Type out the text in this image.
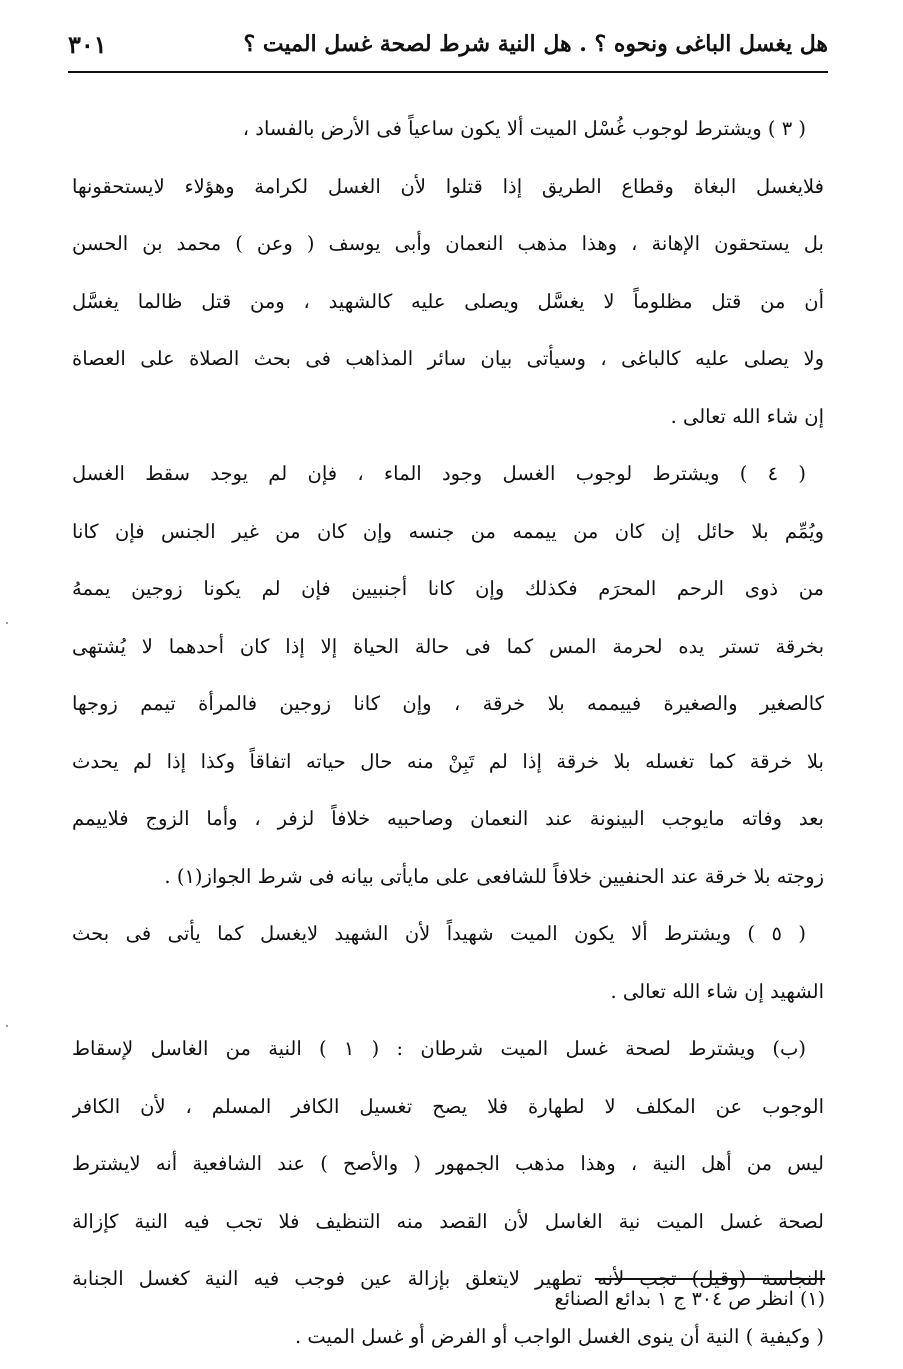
هل يغسل الباغى ونحوه ؟ . هل النية شرط لصحة غسل الميت ؟
٣٠١
( ٣ ) ويشترط لوجوب غُسْل الميت ألا يكون ساعياً فى الأرض بالفساد ،
فلايغسل البغاة وقطاع الطريق إذا قتلوا لأن الغسل لكرامة وهؤلاء لايستحقونها
بل يستحقون الإهانة ، وهذا مذهب النعمان وأبى يوسف ( وعن ) محمد بن الحسن
أن من قتل مظلوماً لا يغسَّل ويصلى عليه كالشهيد ، ومن قتل ظالما يغسَّل
ولا يصلى عليه كالباغى ، وسيأتى بيان سائر المذاهب فى بحث الصلاة على العصاة
إن شاء الله تعالى .
( ٤ ) ويشترط لوجوب الغسل وجود الماء ، فإن لم يوجد سقط الغسل
ويُمِّم بلا حائل إن كان من ييممه من جنسه وإن كان من غير الجنس فإن كانا
من ذوى الرحم المحرَم فكذلك وإن كانا أجنبيين فإن لم يكونا زوجين يممهُ
بخرقة تستر يده لحرمة المس كما فى حالة الحياة إلا إذا كان أحدهما لا يُشتهى
كالصغير والصغيرة فييممه بلا خرقة ، وإن كانا زوجين فالمرأة تيمم زوجها
بلا خرقة كما تغسله بلا خرقة إذا لم تَبِنْ منه حال حياته اتفاقاً وكذا إذا لم يحدث
بعد وفاته مايوجب البينونة عند النعمان وصاحبيه خلافاً لزفر ، وأما الزوج فلاييمم
زوجته بلا خرقة عند الحنفيين خلافاً للشافعى على مايأتى بيانه فى شرط الجواز(١) .
( ٥ ) ويشترط ألا يكون الميت شهيداً لأن الشهيد لايغسل كما يأتى فى بحث
الشهيد إن شاء الله تعالى .
(ب) ويشترط لصحة غسل الميت شرطان : ( ١ ) النية من الغاسل لإسقاط
الوجوب عن المكلف لا لطهارة فلا يصح تغسيل الكافر المسلم ، لأن الكافر
ليس من أهل النية ، وهذا مذهب الجمهور ( والأصح ) عند الشافعية أنه لايشترط
لصحة غسل الميت نية الغاسل لأن القصد منه التنظيف فلا تجب فيه النية كإزالة
النجاسة (وقيل) تجب لأنه تطهير لايتعلق بإزالة عين فوجب فيه النية كغسل الجنابة
( وكيفية ) النية أن ينوى الغسل الواجب أو الفرض أو غسل الميت .
(١) انظر ص ٣٠٤ ج ١ بدائع الصنائع
